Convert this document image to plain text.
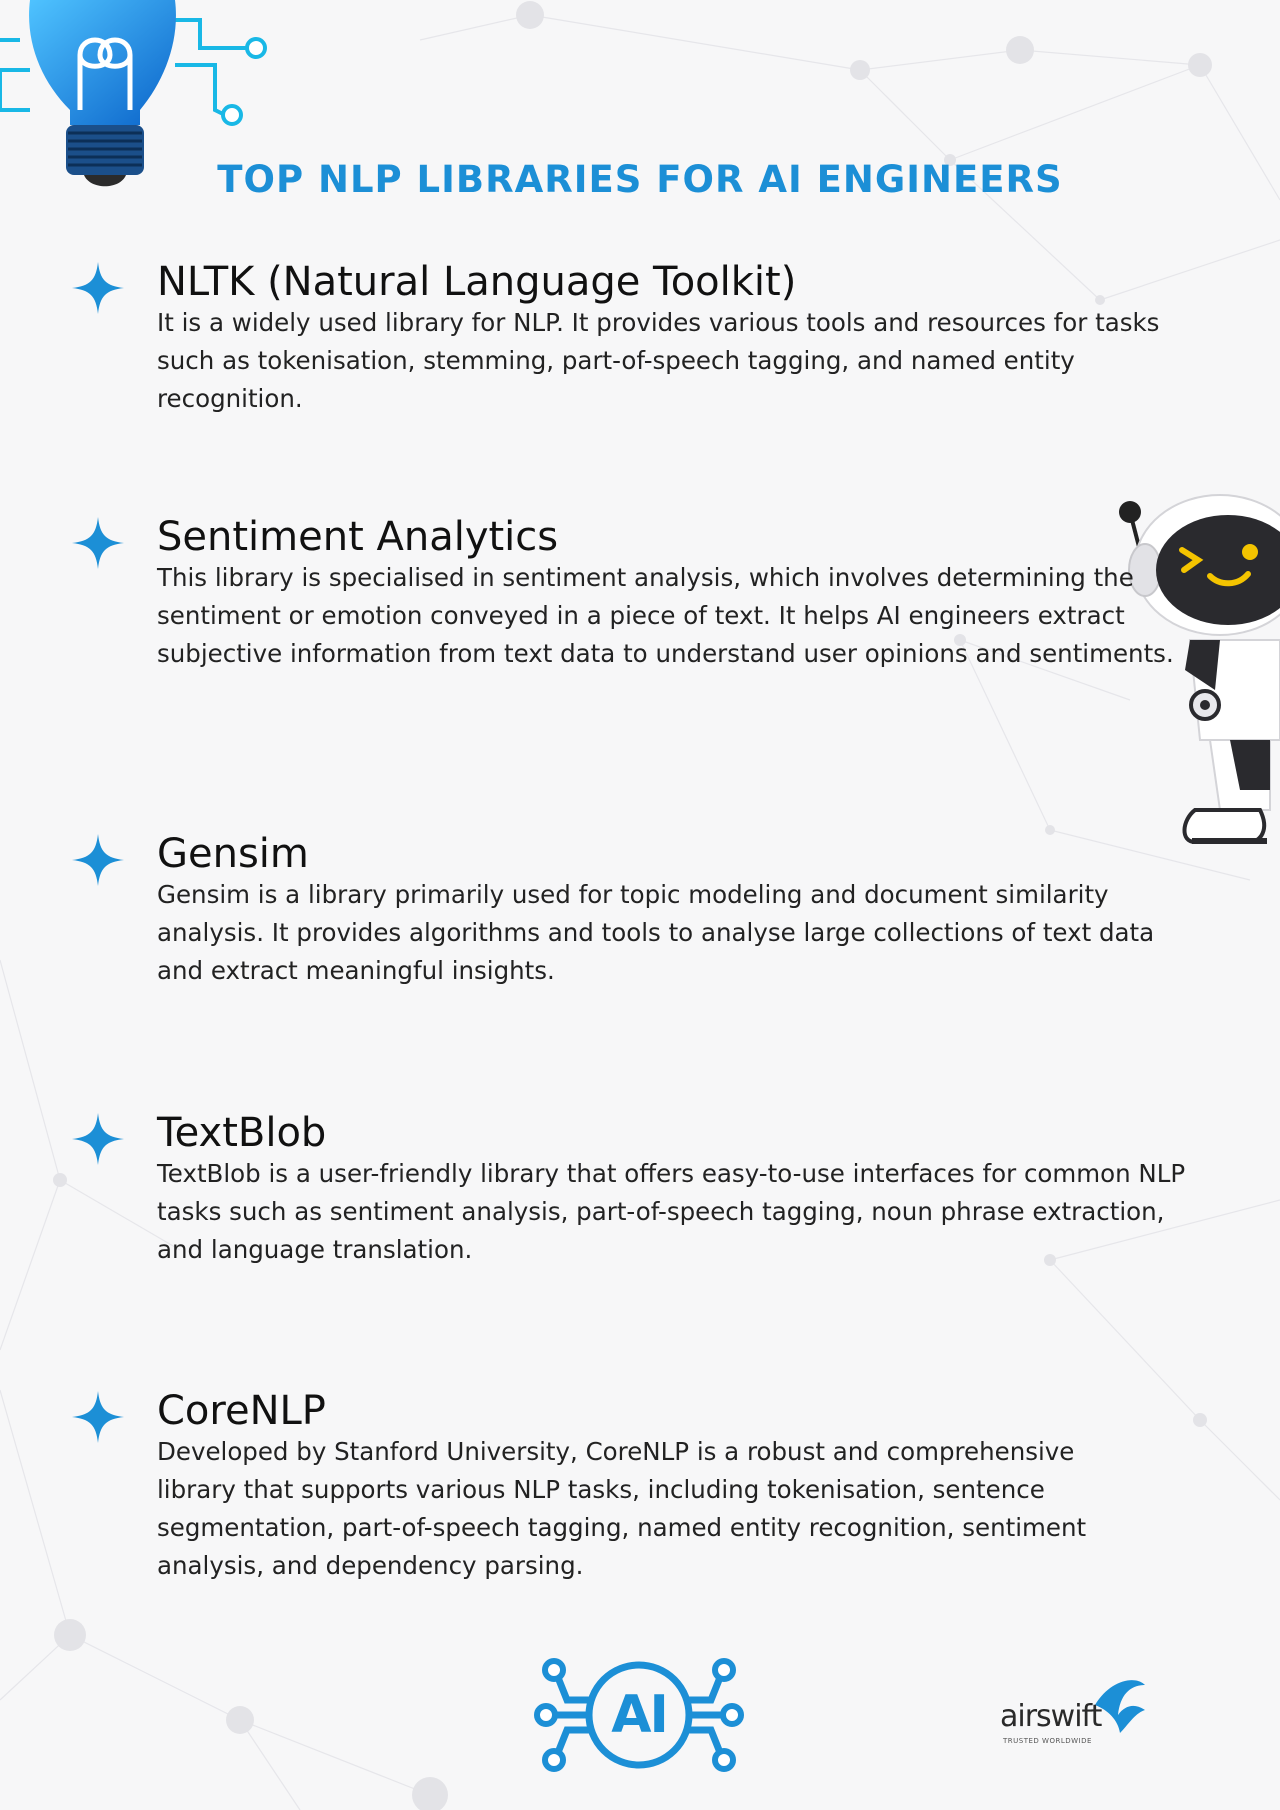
TOP NLP LIBRARIES FOR AI ENGINEERS
NLTK (Natural Language Toolkit)

It is a widely used library for NLP. It provides various tools and resources for tasks such as tokenisation, stemming, part-of-speech tagging, and named entity recognition.

Sentiment Analytics

This library is specialised in sentiment analysis, which involves determining the sentiment or emotion conveyed in a piece of text. It helps AI engineers extract subjective information from text data to understand user opinions and sentiments.

Gensim

Gensim is a library primarily used for topic modeling and document similarity analysis. It provides algorithms and tools to analyse large collections of text data and extract meaningful insights.

TextBlob

TextBlob is a user-friendly library that offers easy-to-use interfaces for common NLP tasks such as sentiment analysis, part-of-speech tagging, noun phrase extraction, and language translation.

CoreNLP

Developed by Stanford University, CoreNLP is a robust and comprehensive library that supports various NLP tasks, including tokenisation, sentence segmentation, part-of-speech tagging, named entity recognition, sentiment analysis, and dependency parsing.

AI	airswift
TRUSTED WORLDWIDE
